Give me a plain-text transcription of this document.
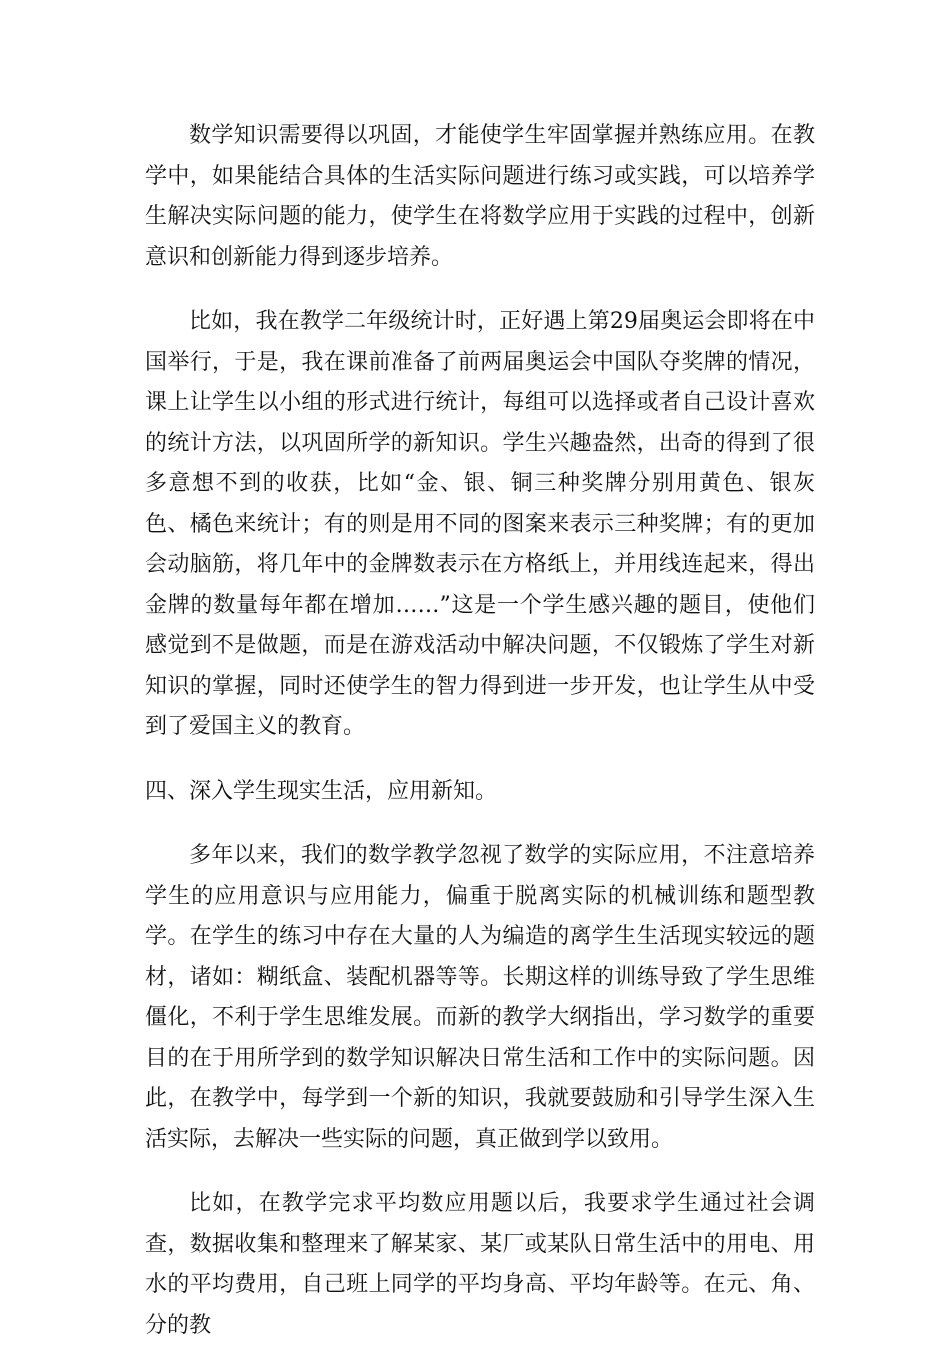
数学知识需要得以巩固，才能使学生牢固掌握并熟练应用。在教学中，如果能结合具体的生活实际问题进行练习或实践，可以培养学生解决实际问题的能力，使学生在将数学应用于实践的过程中，创新意识和创新能力得到逐步培养。

比如，我在教学二年级统计时，正好遇上第29届奥运会即将在中国举行，于是，我在课前准备了前两届奥运会中国队夺奖牌的情况，课上让学生以小组的形式进行统计，每组可以选择或者自己设计喜欢的统计方法，以巩固所学的新知识。学生兴趣盎然，出奇的得到了很多意想不到的收获，比如“金、银、铜三种奖牌分别用黄色、银灰色、橘色来统计；有的则是用不同的图案来表示三种奖牌；有的更加会动脑筋，将几年中的金牌数表示在方格纸上，并用线连起来，得出金牌的数量每年都在增加……”这是一个学生感兴趣的题目，使他们感觉到不是做题，而是在游戏活动中解决问题，不仅锻炼了学生对新知识的掌握，同时还使学生的智力得到进一步开发，也让学生从中受到了爱国主义的教育。

四、深入学生现实生活，应用新知。

多年以来，我们的数学教学忽视了数学的实际应用，不注意培养学生的应用意识与应用能力，偏重于脱离实际的机械训练和题型教学。在学生的练习中存在大量的人为编造的离学生生活现实较远的题材，诸如：糊纸盒、装配机器等等。长期这样的训练导致了学生思维僵化，不利于学生思维发展。而新的教学大纲指出，学习数学的重要目的在于用所学到的数学知识解决日常生活和工作中的实际问题。因此，在教学中，每学到一个新的知识，我就要鼓励和引导学生深入生活实际，去解决一些实际的问题，真正做到学以致用。

比如，在教学完求平均数应用题以后，我要求学生通过社会调查，数据收集和整理来了解某家、某厂或某队日常生活中的用电、用水的平均费用，自己班上同学的平均身高、平均年龄等。在元、角、分的教
